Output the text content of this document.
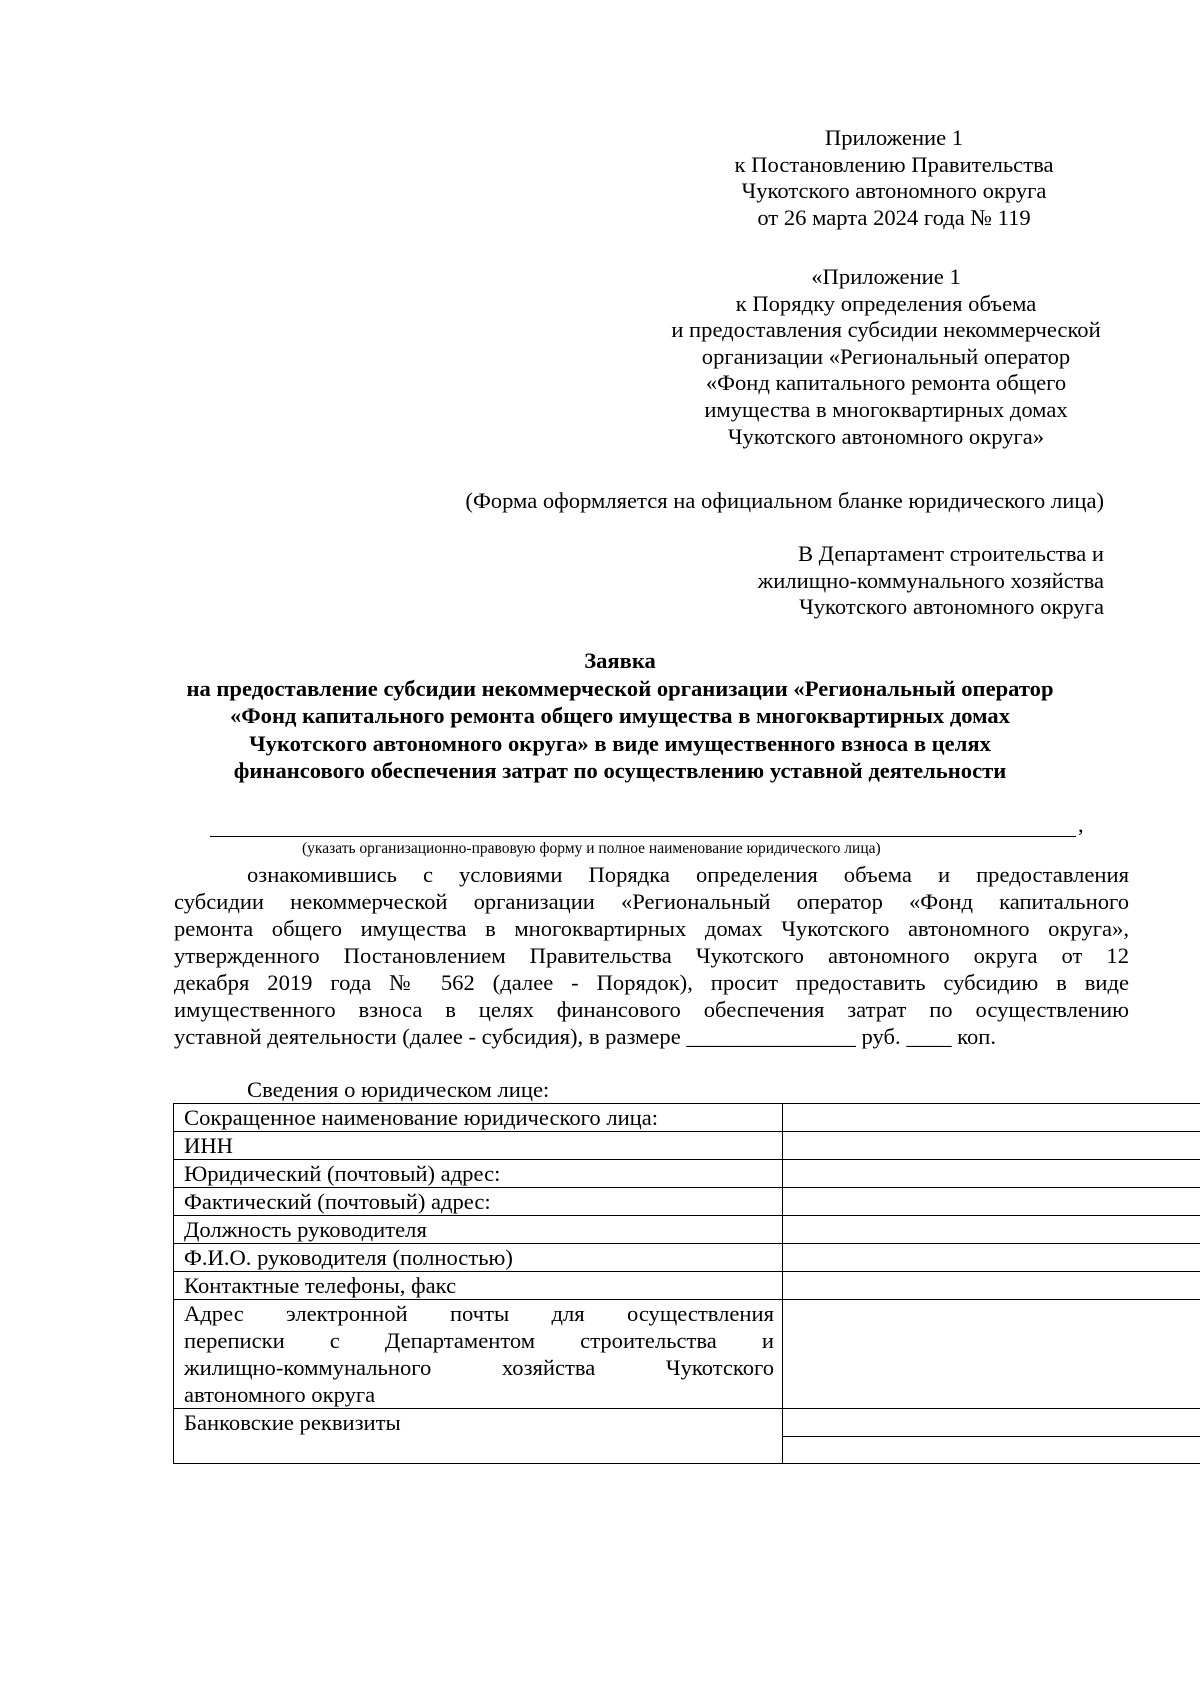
Приложение 1
к Постановлению Правительства
Чукотского автономного округа
от 26 марта 2024 года № 119
«Приложение 1
к Порядку определения объема
и предоставления субсидии некоммерческой
организации «Региональный оператор
«Фонд капитального ремонта общего
имущества в многоквартирных домах
Чукотского автономного округа»
(Форма оформляется на официальном бланке юридического лица)
В Департамент строительства и
жилищно-коммунального хозяйства
Чукотского автономного округа
Заявка
на предоставление субсидии некоммерческой организации «Региональный оператор
«Фонд капитального ремонта общего имущества в многоквартирных домах
Чукотского автономного округа» в виде имущественного взноса в целях
финансового обеспечения затрат по осуществлению уставной деятельности
,
(указать организационно-правовую форму и полное наименование юридического лица)
ознакомившись с условиями Порядка определения объема и предоставления
субсидии некоммерческой организации «Региональный оператор «Фонд капитального
ремонта общего имущества в многоквартирных домах Чукотского автономного округа»,
утвержденного Постановлением Правительства Чукотского автономного округа от 12
декабря 2019 года № 562 (далее - Порядок), просит предоставить субсидию в виде
имущественного взноса в целях финансового обеспечения затрат по осуществлению
уставной деятельности (далее - субсидия), в размере _______________ руб. ____ коп.
Сведения о юридическом лице:
Сокращенное наименование юридического лица:	
ИНН	
Юридический (почтовый) адрес:	
Фактический (почтовый) адрес:	
Должность руководителя	
Ф.И.О. руководителя (полностью)	
Контактные телефоны, факс	

Адрес электронной почты для осуществления
переписки с Департаментом строительства и
жилищно-коммунального хозяйства Чукотского
автономного округа	

Банковские реквизиты	
